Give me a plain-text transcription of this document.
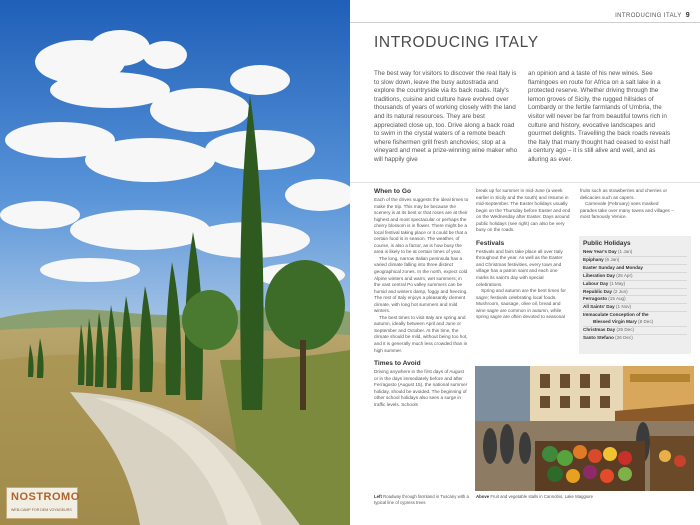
NOSTROMO
WEB-CAMP FOR DEM VOYAGEURS
INTRODUCING ITALY 9
INTRODUCING ITALY
The best way for visitors to discover the real Italy is to slow down, leave the busy autostrada and explore the countryside via its back roads. Italy's traditions, cuisine and culture have evolved over thousands of years of working closely with the land and its natural resources. They are best appreciated close up, too. Drive along a back road to swim in the crystal waters of a remote beach where fishermen grill fresh anchovies; stop at a vineyard and meet a prize-winning wine maker who will happily give
an opinion and a taste of his new wines. See flamingoes en route for Africa on a salt lake in a protected reserve. Whether driving through the lemon groves of Sicily, the rugged hillsides of Lombardy or the fertile farmlands of Umbria, the visitor will never be far from beautiful towns rich in culture and history, evocative landscapes and gourmet delights. Travelling the back roads reveals the Italy that many thought had ceased to exist half a century ago – it is still alive and well, and as alluring as ever.
When to Go

Each of the drives suggests the ideal times to make the trip. This may be because the scenery is at its best or that roses are at their highest and most spectacular or perhaps the cherry blossom is in flower. There might be a local festival taking place or it could be that a certain food is in season. The weather, of course, is also a factor, as is how busy the area is likely to be at certain times of year.

The long, narrow Italian peninsula has a varied climate falling into three distinct geographical zones. In the north, expect cold Alpine winters and warm, wet summers; in the vast central Po valley summers can be humid and winters damp, foggy and freezing. The rest of Italy enjoys a pleasantly clement climate, with long hot summers and mild winters.

The best times to visit Italy are spring and autumn, ideally between April and June or September and October. At this time, the climate should be mild, without being too hot, and it is generally much less crowded than in high summer.

Times to Avoid

Driving anywhere in the first days of August or in the days immediately before and after Ferragosto (August 15), the national summer holiday, should be avoided. The beginning of other school holidays also sees a surge in traffic levels. Schools

break up for summer in mid-June (a week earlier in Sicily and the south) and resume in mid-September. The Easter holidays usually begin on the Thursday before Easter and end on the Wednesday after Easter. Days around public holidays (see right) can also be very busy on the roads.

Festivals

Festivals and fairs take place all over Italy throughout the year. As well as the Easter and Christmas festivities, every town and village has a patron saint and each one marks its saint's day with special celebrations.

Spring and autumn are the best times for sagre; festivals celebrating local foods. Mushroom, sausage, olive oil, bread and wine sagre are common in autumn, while spring sagre are often devoted to seasonal

fruits such as strawberries and cherries or delicacies such as capers.

Carnevale (February) sees masked parades take over many towns and villages – most famously Venice.

Public Holidays
New Year's Day (1 Jan)
Epiphany (6 Jan)
Easter Sunday and Monday
Liberation Day (25 Apr)
Labour Day (1 May)
Republic Day (2 Jun)
Ferragosto (15 Aug)
All Saints' Day (1 Nov)
Immaculate Conception of the
Blessed Virgin Mary (8 Dec)
Christmas Day (25 Dec)
Santo Stefano (26 Dec)
Left Roadway through farmland in Tuscany with a typical line of cypress trees
Above Fruit and vegetable stalls in Cannobio, Lake Maggiore
